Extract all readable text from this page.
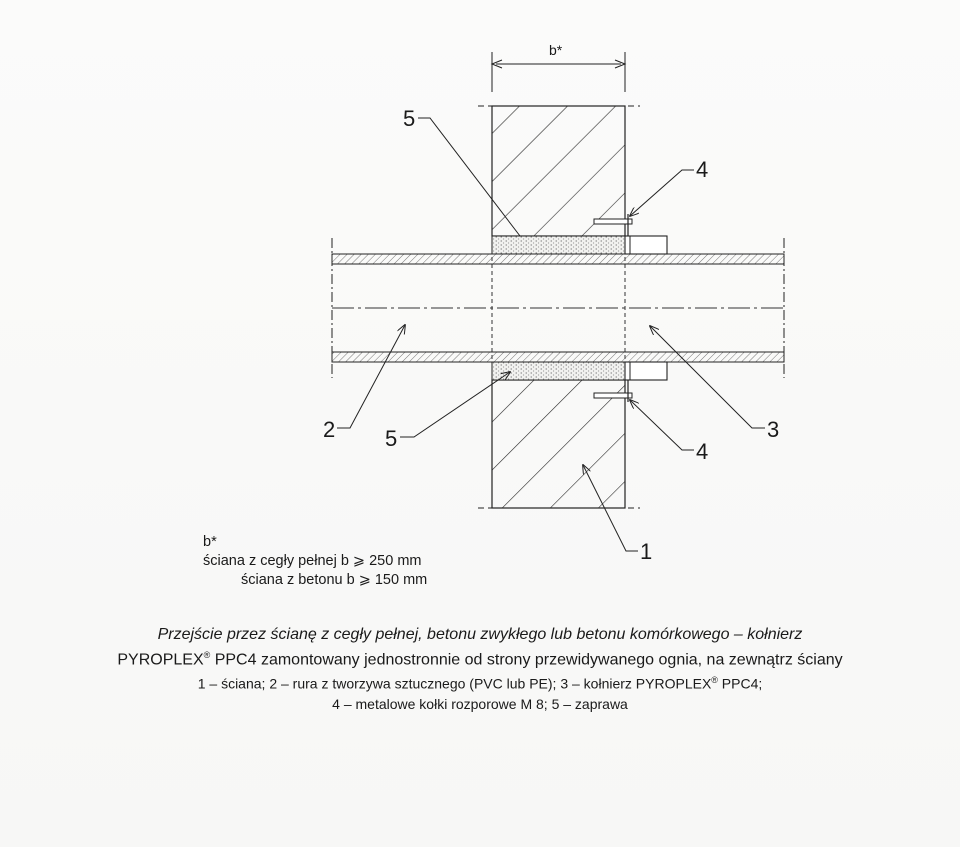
b*
5
4
2 5	3
4
1
b*
ściana z cegły pełnej b ⩾ 250 mm
ściana z betonu b ⩾ 150 mm
Przejście przez ścianę z cegły pełnej, betonu zwykłego lub betonu komórkowego – kołnierz
PYROPLEX® PPC4 zamontowany jednostronnie od strony przewidywanego ognia, na zewnątrz ściany
1 – ściana; 2 – rura z tworzywa sztucznego (PVC lub PE); 3 – kołnierz PYROPLEX® PPC4;
4 – metalowe kołki rozporowe M 8; 5 – zaprawa
